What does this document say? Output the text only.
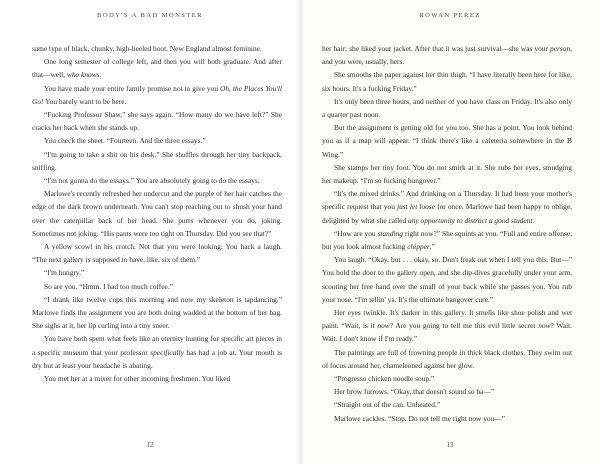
BODY'S A BAD MONSTER

same type of black, chunky, high-heeled boot. New England almost feminine.

One long semester of college left, and then you will both graduate. And after that—well, who knows.

You have made your entire family promise not to give you Oh, the Places You'll Go! You barely want to be here.

“Fucking Professor Shaw,” she says again. “How many do we have left?” She cracks her back when she stands up.

You check the sheet. “Fourteen. And the three essays.”

“I'm going to take a shit on his desk.” She shuffles through her tiny backpack, sniffing.

“I'm not gonna do the essays.” You are absolutely going to do the essays.

Marlowe's recently refreshed her undercut and the purple of her hair catches the edge of the dark brown underneath. You can't stop reaching out to shush your hand over the caterpillar back of her head. She purrs whenever you do, joking. Sometimes not joking. “His pants were too tight on Thursday. Did you see that?”

A yellow scowl in his crotch. Not that you were looking. You hack a laugh. “The next gallery is supposed to have, like, six of them.”

“I'm hungry.”

So are you. “Hmm. I had too much coffee.”

“I drank like twelve cups this morning and now my skeleton is tapdancing.” Marlowe finds the assignment you are both doing wadded at the bottom of her bag. She sighs at it, her lip curling into a tiny sneer.

You have both spent what feels like an eternity hunting for specific art pieces in a specific museum that your professor specifically has had a job at. Your mouth is dry but at least your headache is abating.

You met her at a mixer for other incoming freshmen. You liked

12
ROWAN PEREZ

her hair; she liked your jacket. After that it was just survival—she was your person, and you were, usually, hers.

She smooths the paper against her thin thigh. “I have literally been here for like, six hours. It's a fucking Friday.”

It's only been three hours, and neither of you have class on Friday. It's also only a quarter past noon.

But the assignment is getting old for you too. She has a point. You look behind you as if a map will appear. “I think there's like a cafeteria somewhere in the B Wing.”

She stamps her tiny foot. You do not smirk at it. She rubs her eyes, smudging her makeup. “I'm so fucking hungover.”

“It's the mixed drinks.” And drinking on a Thursday. It had been your mother's specific request that you just let loose for once. Marlowe had been happy to oblige, delighted by what she called any opportunity to distract a good student.

“How are you standing right now?” She squints at you. “Full and entire offense, but you look almost fucking chipper.”

You laugh. “Okay, but . . . okay, so. Don't freak out when I tell you this. But—” You hold the door to the gallery open, and she dip-dives gracefully under your arm, scooting her free hand over the small of your back while she passes you. You rub your nose. “I'm tellin' ya. It's the ultimate hangover cure.”

Her eyes twinkle. It's darker in this gallery. It smells like shoe polish and wet paint. “Wait, is it now? Are you going to tell me this evil little secret now? Wait. Wait. I don't know if I'm ready.”

The paintings are full of frowning people in thick black clothes. They swim out of focus around her, chameleoned against her glow.

“Progresso chicken noodle soup.”

Her brow furrows. “Okay, that doesn't sound so ba—”

“Straight out of the can. Unheated.”

Marlowe cackles. “Stop. Do not tell me right now you—”

13
